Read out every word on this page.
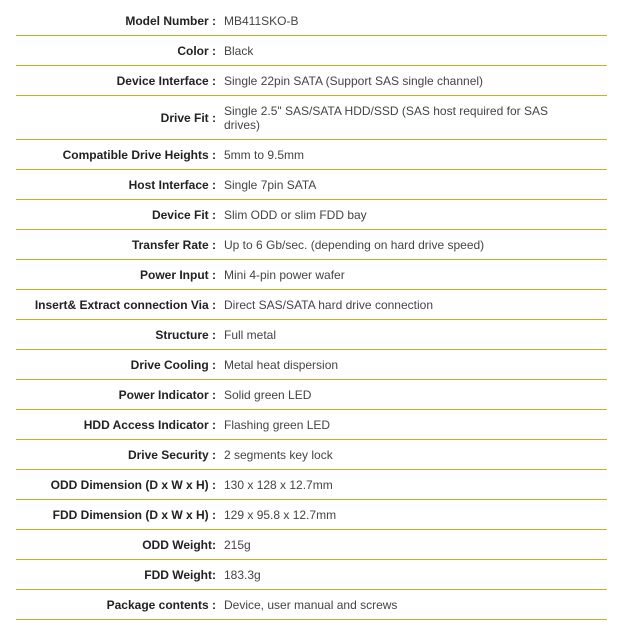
Model Number : MB411SKO-B
Color : Black
Device Interface : Single 22pin SATA (Support SAS single channel)
Drive Fit : Single 2.5" SAS/SATA HDD/SSD (SAS host required for SAS drives)
Compatible Drive Heights : 5mm to 9.5mm
Host Interface : Single 7pin SATA
Device Fit : Slim ODD or slim FDD bay
Transfer Rate : Up to 6 Gb/sec. (depending on hard drive speed)
Power Input : Mini 4-pin power wafer
Insert& Extract connection Via : Direct SAS/SATA hard drive connection
Structure : Full metal
Drive Cooling : Metal heat dispersion
Power Indicator : Solid green LED
HDD Access Indicator : Flashing green LED
Drive Security : 2 segments key lock
ODD Dimension (D x W x H) : 130 x 128 x 12.7mm
FDD Dimension (D x W x H) : 129 x 95.8 x 12.7mm
ODD Weight: 215g
FDD Weight: 183.3g
Package contents : Device, user manual and screws
